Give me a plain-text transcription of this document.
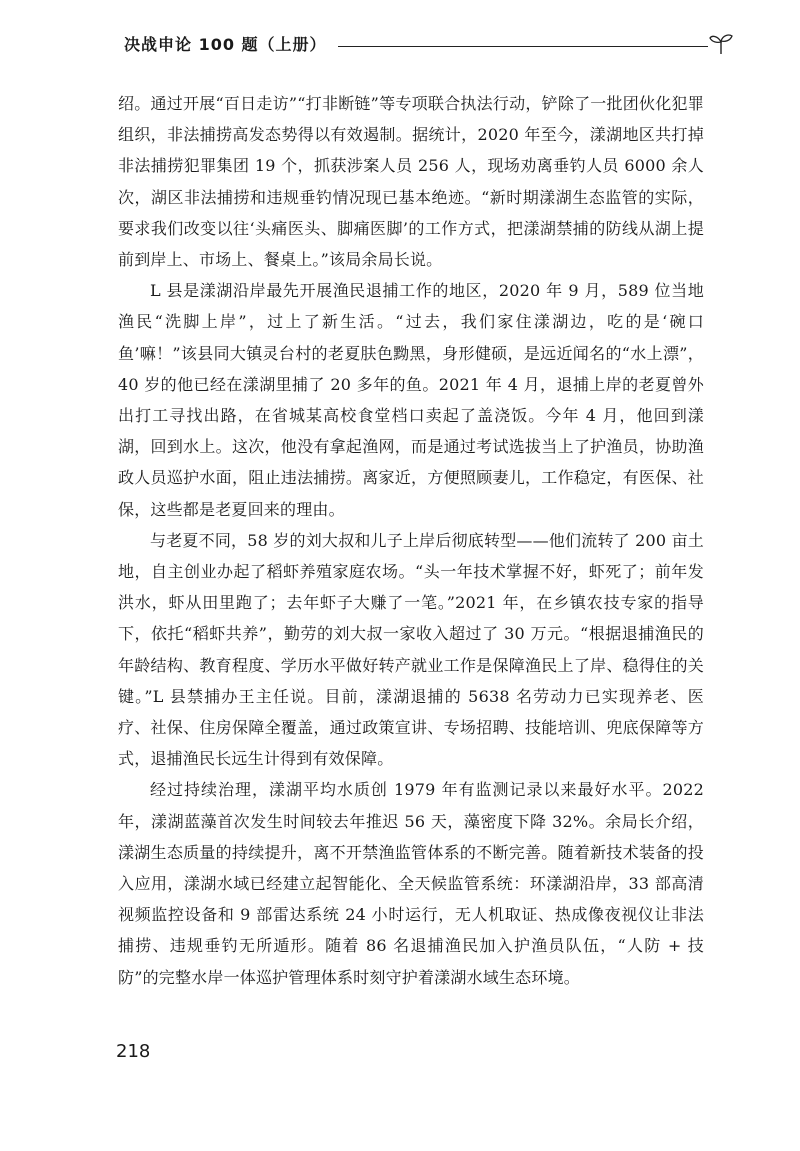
决战申论 100 题（上册）

绍。通过开展“百日走访”“打非断链”等专项联合执法行动，铲除了一批团伙化犯罪组织，非法捕捞高发态势得以有效遏制。据统计，2020 年至今，漾湖地区共打掉非法捕捞犯罪集团 19 个，抓获涉案人员 256 人，现场劝离垂钓人员 6000 余人次，湖区非法捕捞和违规垂钓情况现已基本绝迹。“新时期漾湖生态监管的实际，要求我们改变以往‘头痛医头、脚痛医脚’的工作方式，把漾湖禁捕的防线从湖上提前到岸上、市场上、餐桌上。”该局余局长说。

L 县是漾湖沿岸最先开展渔民退捕工作的地区，2020 年 9 月，589 位当地渔民“洗脚上岸”，过上了新生活。“过去，我们家住漾湖边，吃的是‘碗口鱼’嘛！”该县同大镇灵台村的老夏肤色黝黑，身形健硕，是远近闻名的“水上漂”，40 岁的他已经在漾湖里捕了 20 多年的鱼。2021 年 4 月，退捕上岸的老夏曾外出打工寻找出路，在省城某高校食堂档口卖起了盖浇饭。今年 4 月，他回到漾湖，回到水上。这次，他没有拿起渔网，而是通过考试选拔当上了护渔员，协助渔政人员巡护水面，阻止违法捕捞。离家近，方便照顾妻儿，工作稳定，有医保、社保，这些都是老夏回来的理由。

与老夏不同，58 岁的刘大叔和儿子上岸后彻底转型——他们流转了 200 亩土地，自主创业办起了稻虾养殖家庭农场。“头一年技术掌握不好，虾死了；前年发洪水，虾从田里跑了；去年虾子大赚了一笔。”2021 年，在乡镇农技专家的指导下，依托“稻虾共养”，勤劳的刘大叔一家收入超过了 30 万元。“根据退捕渔民的年龄结构、教育程度、学历水平做好转产就业工作是保障渔民上了岸、稳得住的关键。”L 县禁捕办王主任说。目前，漾湖退捕的 5638 名劳动力已实现养老、医疗、社保、住房保障全覆盖，通过政策宣讲、专场招聘、技能培训、兜底保障等方式，退捕渔民长远生计得到有效保障。

经过持续治理，漾湖平均水质创 1979 年有监测记录以来最好水平。2022 年，漾湖蓝藻首次发生时间较去年推迟 56 天，藻密度下降 32%。余局长介绍，漾湖生态质量的持续提升，离不开禁渔监管体系的不断完善。随着新技术装备的投入应用，漾湖水域已经建立起智能化、全天候监管系统：环漾湖沿岸，33 部高清视频监控设备和 9 部雷达系统 24 小时运行，无人机取证、热成像夜视仪让非法捕捞、违规垂钓无所遁形。随着 86 名退捕渔民加入护渔员队伍，“人防 + 技防”的完整水岸一体巡护管理体系时刻守护着漾湖水域生态环境。

218
